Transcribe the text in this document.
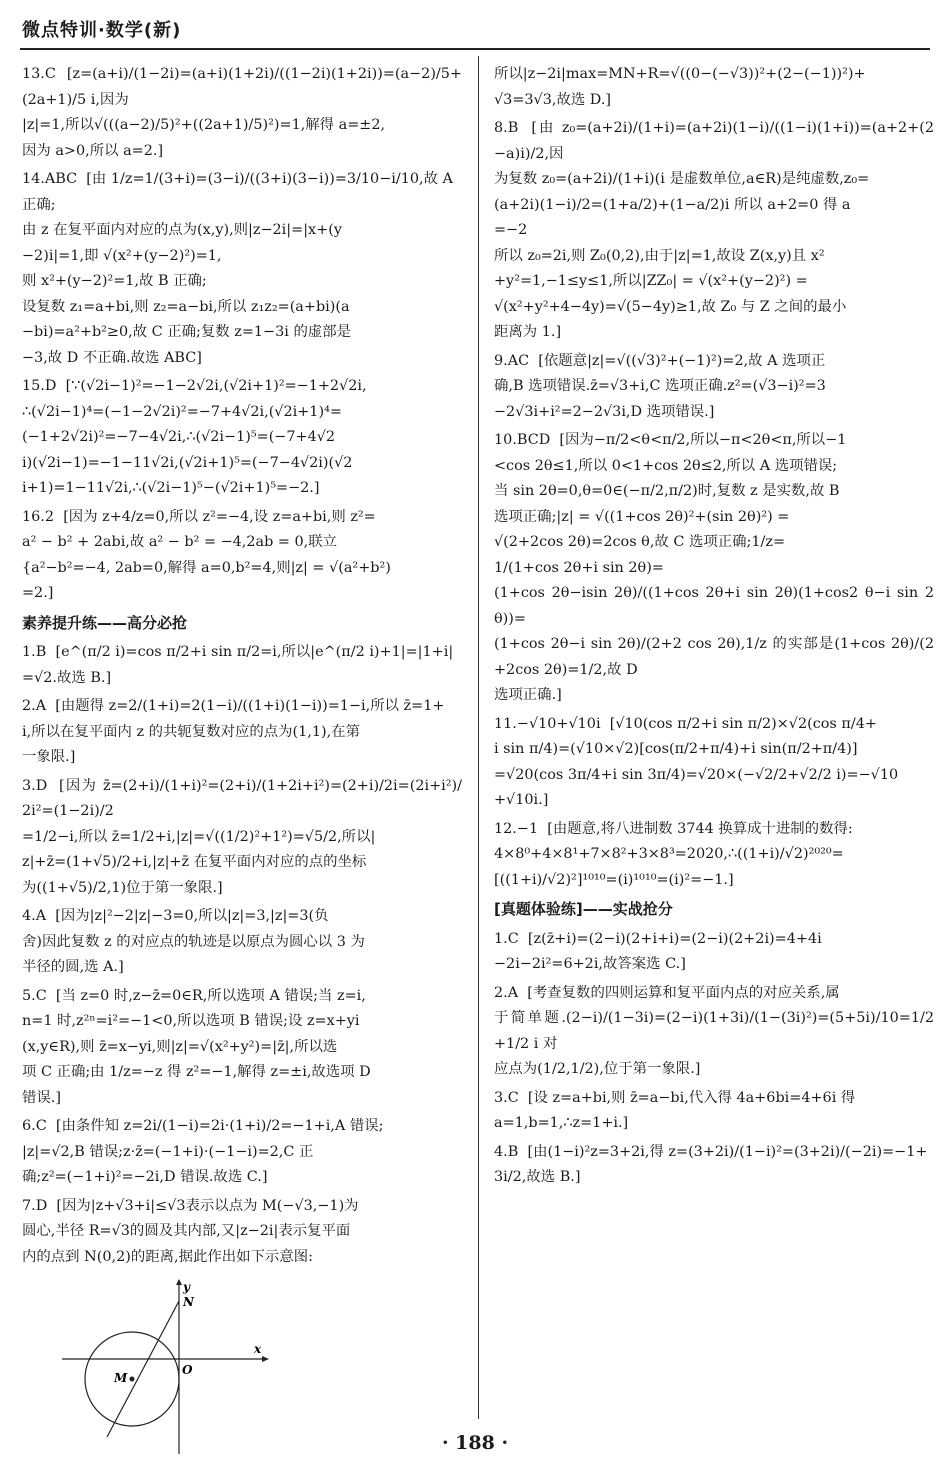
微点特训·数学(新)
13.C  [z=(a+i)/(1−2i)=(a+i)(1+2i)/((1−2i)(1+2i))=(a−2)/5+(2a+1)/5 i,因为
|z|=1,所以√(((a−2)/5)²+((2a+1)/5)²)=1,解得 a=±2,
因为 a>0,所以 a=2.]
14.ABC  [由 1/z=1/(3+i)=(3−i)/((3+i)(3−i))=3/10−i/10,故 A
正确;
由 z 在复平面内对应的点为(x,y),则|z−2i|=|x+(y
−2)i|=1,即 √(x²+(y−2)²)=1,
则 x²+(y−2)²=1,故 B 正确;
设复数 z₁=a+bi,则 z₂=a−bi,所以 z₁z₂=(a+bi)(a
−bi)=a²+b²≥0,故 C 正确;复数 z=1−3i 的虚部是
−3,故 D 不正确.故选 ABC]
15.D  [∵(√2i−1)²=−1−2√2i,(√2i+1)²=−1+2√2i,
∴(√2i−1)⁴=(−1−2√2i)²=−7+4√2i,(√2i+1)⁴=
(−1+2√2i)²=−7−4√2i,∴(√2i−1)⁵=(−7+4√2
i)(√2i−1)=−1−11√2i,(√2i+1)⁵=(−7−4√2i)(√2
i+1)=1−11√2i,∴(√2i−1)⁵−(√2i+1)⁵=−2.]
16.2  [因为 z+4/z=0,所以 z²=−4,设 z=a+bi,则 z²=
a² − b² + 2abi,故 a² − b² = −4,2ab = 0,联立
{a²−b²=−4, 2ab=0,解得 a=0,b²=4,则|z| = √(a²+b²)
=2.]
素养提升练——高分必抢
1.B  [e^(π/2 i)=cos π/2+i sin π/2=i,所以|e^(π/2 i)+1|=|1+i|
=√2.故选 B.]
2.A  [由题得 z=2/(1+i)=2(1−i)/((1+i)(1−i))=1−i,所以 z̄=1+
i,所以在复平面内 z 的共轭复数对应的点为(1,1),在第
一象限.]
3.D  [因为 z̄=(2+i)/(1+i)²=(2+i)/(1+2i+i²)=(2+i)/2i=(2i+i²)/2i²=(1−2i)/2
=1/2−i,所以 z̄=1/2+i,|z|=√((1/2)²+1²)=√5/2,所以|
z|+z̄=(1+√5)/2+i,|z|+z̄ 在复平面内对应的点的坐标
为((1+√5)/2,1)位于第一象限.]
4.A  [因为|z|²−2|z|−3=0,所以|z|=3,|z|=3(负
舍)因此复数 z 的对应点的轨迹是以原点为圆心以 3 为
半径的圆,选 A.]
5.C  [当 z=0 时,z−z̄=0∈R,所以选项 A 错误;当 z=i,
n=1 时,z²ⁿ=i²=−1<0,所以选项 B 错误;设 z=x+yi
(x,y∈R),则 z̄=x−yi,则|z|=√(x²+y²)=|z̄|,所以选
项 C 正确;由 1/z=−z 得 z²=−1,解得 z=±i,故选项 D
错误.]
6.C  [由条件知 z=2i/(1−i)=2i·(1+i)/2=−1+i,A 错误;
|z|=√2,B 错误;z·z̄=(−1+i)·(−1−i)=2,C 正
确;z²=(−1+i)²=−2i,D 错误.故选 C.]
7.D  [因为|z+√3+i|≤√3表示以点为 M(−√3,−1)为
圆心,半径 R=√3的圆及其内部,又|z−2i|表示复平面
内的点到 N(0,2)的距离,据此作出如下示意图:
y
x
N
O
M
所以|z−2i|max=MN+R=√((0−(−√3))²+(2−(−1))²)+
√3=3√3,故选 D.]
8.B  [由 z₀=(a+2i)/(1+i)=(a+2i)(1−i)/((1−i)(1+i))=(a+2+(2−a)i)/2,因
为复数 z₀=(a+2i)/(1+i)(i 是虚数单位,a∈R)是纯虚数,z₀=
(a+2i)(1−i)/2=(1+a/2)+(1−a/2)i 所以 a+2=0 得 a
=−2
所以 z₀=2i,则 Z₀(0,2),由于|z|=1,故设 Z(x,y)且 x²
+y²=1,−1≤y≤1,所以|ZZ₀| = √(x²+(y−2)²) =
√(x²+y²+4−4y)=√(5−4y)≥1,故 Z₀ 与 Z 之间的最小
距离为 1.]
9.AC  [依题意|z|=√((√3)²+(−1)²)=2,故 A 选项正
确,B 选项错误.z̄=√3+i,C 选项正确.z²=(√3−i)²=3
−2√3i+i²=2−2√3i,D 选项错误.]
10.BCD  [因为−π/2<θ<π/2,所以−π<2θ<π,所以−1
<cos 2θ≤1,所以 0<1+cos 2θ≤2,所以 A 选项错误;
当 sin 2θ=0,θ=0∈(−π/2,π/2)时,复数 z 是实数,故 B
选项正确;|z| = √((1+cos 2θ)²+(sin 2θ)²) =
√(2+2cos 2θ)=2cos θ,故 C 选项正确;1/z=
1/(1+cos 2θ+i sin 2θ)=
(1+cos 2θ−isin 2θ)/((1+cos 2θ+i sin 2θ)(1+cos2 θ−i sin 2θ))=
(1+cos 2θ−i sin 2θ)/(2+2 cos 2θ),1/z 的实部是(1+cos 2θ)/(2+2cos 2θ)=1/2,故 D
选项正确.]
11.−√10+√10i  [√10(cos π/2+i sin π/2)×√2(cos π/4+
i sin π/4)=(√10×√2)[cos(π/2+π/4)+i sin(π/2+π/4)]
=√20(cos 3π/4+i sin 3π/4)=√20×(−√2/2+√2/2 i)=−√10
+√10i.]
12.−1  [由题意,将八进制数 3744 换算成十进制的数得:
4×8⁰+4×8¹+7×8²+3×8³=2020,∴((1+i)/√2)²⁰²⁰=
[((1+i)/√2)²]¹⁰¹⁰=(i)¹⁰¹⁰=(i)²=−1.]
[真题体验练]——实战抢分
1.C  [z(z̄+i)=(2−i)(2+i+i)=(2−i)(2+2i)=4+4i
−2i−2i²=6+2i,故答案选 C.]
2.A  [考查复数的四则运算和复平面内点的对应关系,属
于简单题.(2−i)/(1−3i)=(2−i)(1+3i)/(1−(3i)²)=(5+5i)/10=1/2+1/2 i 对
应点为(1/2,1/2),位于第一象限.]
3.C  [设 z=a+bi,则 z̄=a−bi,代入得 4a+6bi=4+6i 得
a=1,b=1,∴z=1+i.]
4.B  [由(1−i)²z=3+2i,得 z=(3+2i)/(1−i)²=(3+2i)/(−2i)=−1+
3i/2,故选 B.]
· 188 ·
